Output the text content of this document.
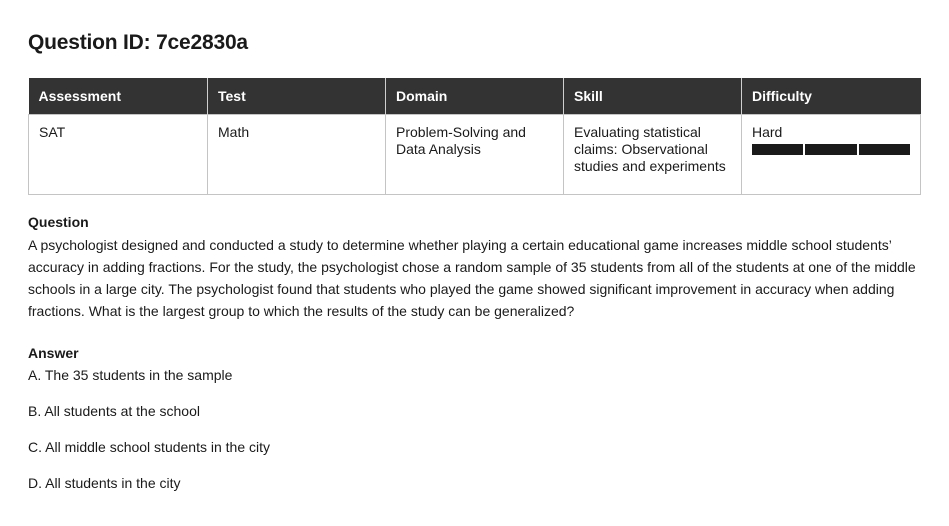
Question ID: 7ce2830a
Assessment	Test	Domain	Skill	Difficulty
SAT	Math	Problem-Solving and Data Analysis	Evaluating statistical claims: Observational studies and experiments	Hard

Question

A psychologist designed and conducted a study to determine whether playing a certain educational game increases middle school students’ accuracy in adding fractions. For the study, the psychologist chose a random sample of 35 students from all of the students at one of the middle schools in a large city. The psychologist found that students who played the game showed significant improvement in accuracy when adding fractions. What is the largest group to which the results of the study can be generalized?

Answer

A. The 35 students in the sample
B. All students at the school
C. All middle school students in the city
D. All students in the city
